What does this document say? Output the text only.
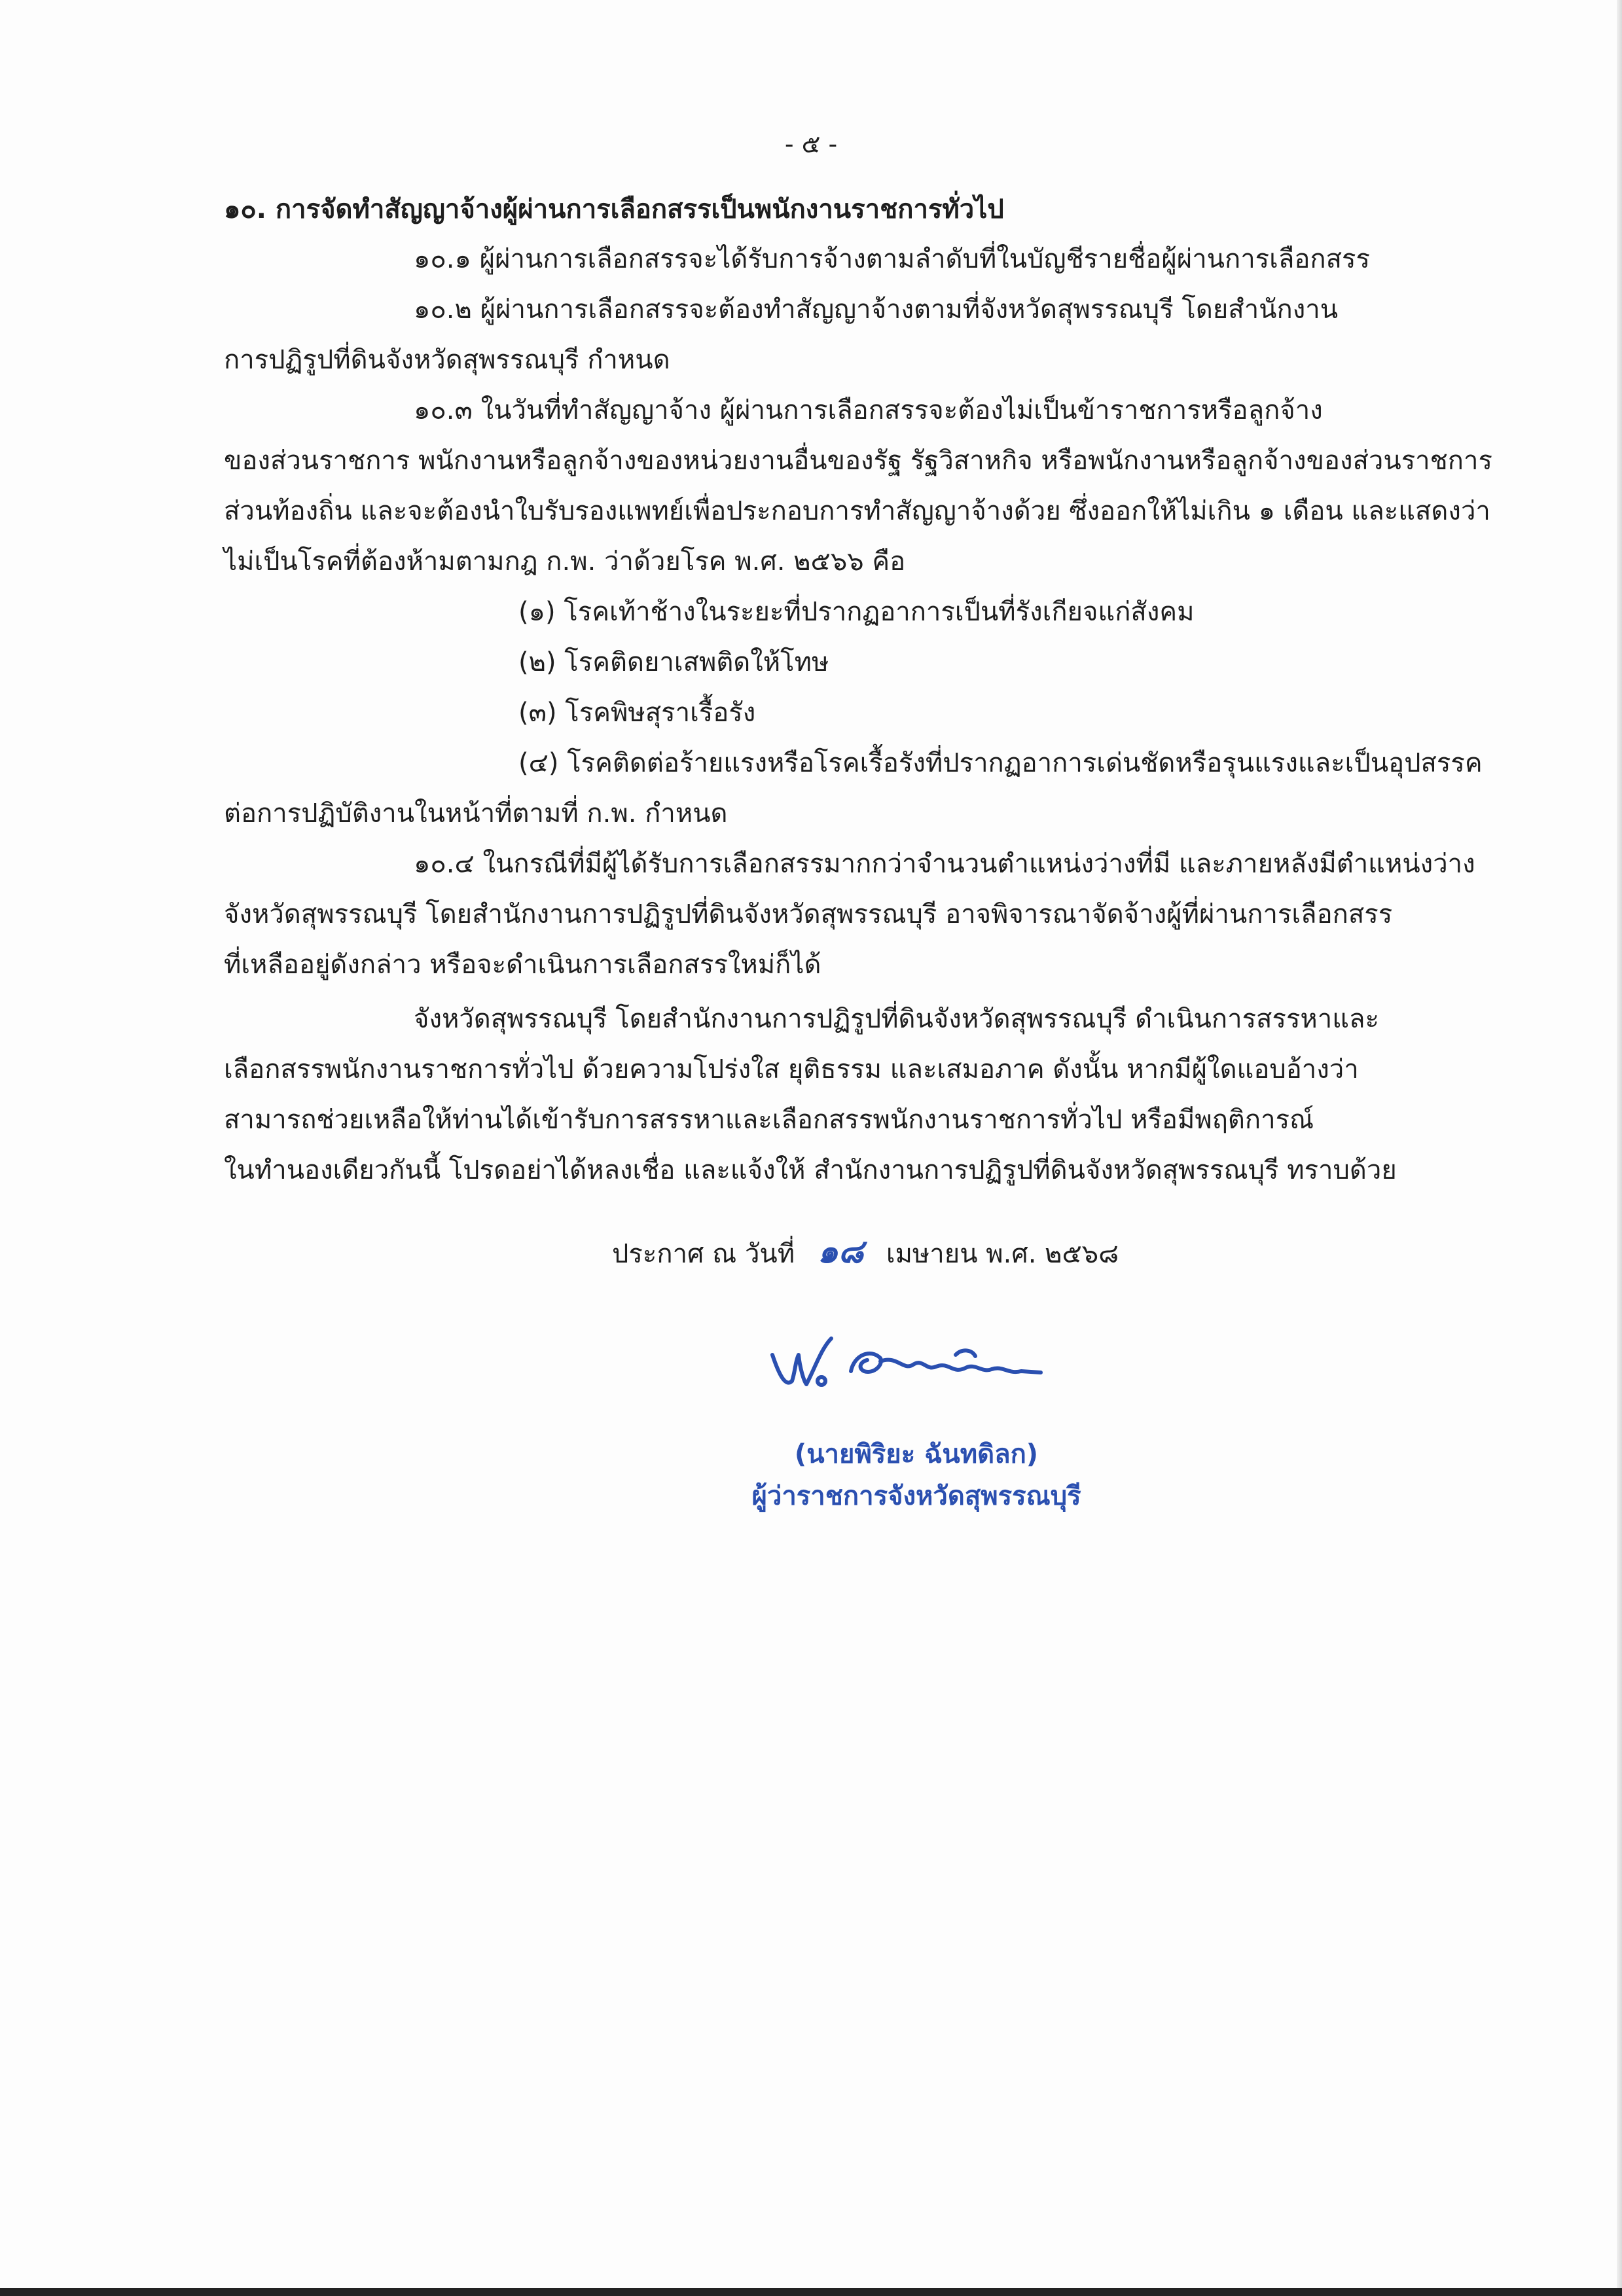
- ๕ -
๑๐. การจัดทำสัญญาจ้างผู้ผ่านการเลือกสรรเป็นพนักงานราชการทั่วไป
๑๐.๑ ผู้ผ่านการเลือกสรรจะได้รับการจ้างตามลำดับที่ในบัญชีรายชื่อผู้ผ่านการเลือกสรร
๑๐.๒ ผู้ผ่านการเลือกสรรจะต้องทำสัญญาจ้างตามที่จังหวัดสุพรรณบุรี โดยสำนักงาน
การปฏิรูปที่ดินจังหวัดสุพรรณบุรี กำหนด
๑๐.๓ ในวันที่ทำสัญญาจ้าง ผู้ผ่านการเลือกสรรจะต้องไม่เป็นข้าราชการหรือลูกจ้าง
ของส่วนราชการ พนักงานหรือลูกจ้างของหน่วยงานอื่นของรัฐ รัฐวิสาหกิจ หรือพนักงานหรือลูกจ้างของส่วนราชการ
ส่วนท้องถิ่น และจะต้องนำใบรับรองแพทย์เพื่อประกอบการทำสัญญาจ้างด้วย ซึ่งออกให้ไม่เกิน ๑ เดือน และแสดงว่า
ไม่เป็นโรคที่ต้องห้ามตามกฎ ก.พ. ว่าด้วยโรค พ.ศ. ๒๕๖๖ คือ
(๑) โรคเท้าช้างในระยะที่ปรากฏอาการเป็นที่รังเกียจแก่สังคม
(๒) โรคติดยาเสพติดให้โทษ
(๓) โรคพิษสุราเรื้อรัง
(๔) โรคติดต่อร้ายแรงหรือโรคเรื้อรังที่ปรากฏอาการเด่นชัดหรือรุนแรงและเป็นอุปสรรค
ต่อการปฏิบัติงานในหน้าที่ตามที่ ก.พ. กำหนด
๑๐.๔ ในกรณีที่มีผู้ได้รับการเลือกสรรมากกว่าจำนวนตำแหน่งว่างที่มี และภายหลังมีตำแหน่งว่าง
จังหวัดสุพรรณบุรี โดยสำนักงานการปฏิรูปที่ดินจังหวัดสุพรรณบุรี อาจพิจารณาจัดจ้างผู้ที่ผ่านการเลือกสรร
ที่เหลืออยู่ดังกล่าว หรือจะดำเนินการเลือกสรรใหม่ก็ได้
จังหวัดสุพรรณบุรี โดยสำนักงานการปฏิรูปที่ดินจังหวัดสุพรรณบุรี ดำเนินการสรรหาและ
เลือกสรรพนักงานราชการทั่วไป ด้วยความโปร่งใส ยุติธรรม และเสมอภาค ดังนั้น หากมีผู้ใดแอบอ้างว่า
สามารถช่วยเหลือให้ท่านได้เข้ารับการสรรหาและเลือกสรรพนักงานราชการทั่วไป หรือมีพฤติการณ์
ในทำนองเดียวกันนี้ โปรดอย่าได้หลงเชื่อ และแจ้งให้ สำนักงานการปฏิรูปที่ดินจังหวัดสุพรรณบุรี ทราบด้วย
ประกาศ ณ วันที่ ๑๘ เมษายน พ.ศ. ๒๕๖๘
(นายพิริยะ ฉันทดิลก)
ผู้ว่าราชการจังหวัดสุพรรณบุรี
